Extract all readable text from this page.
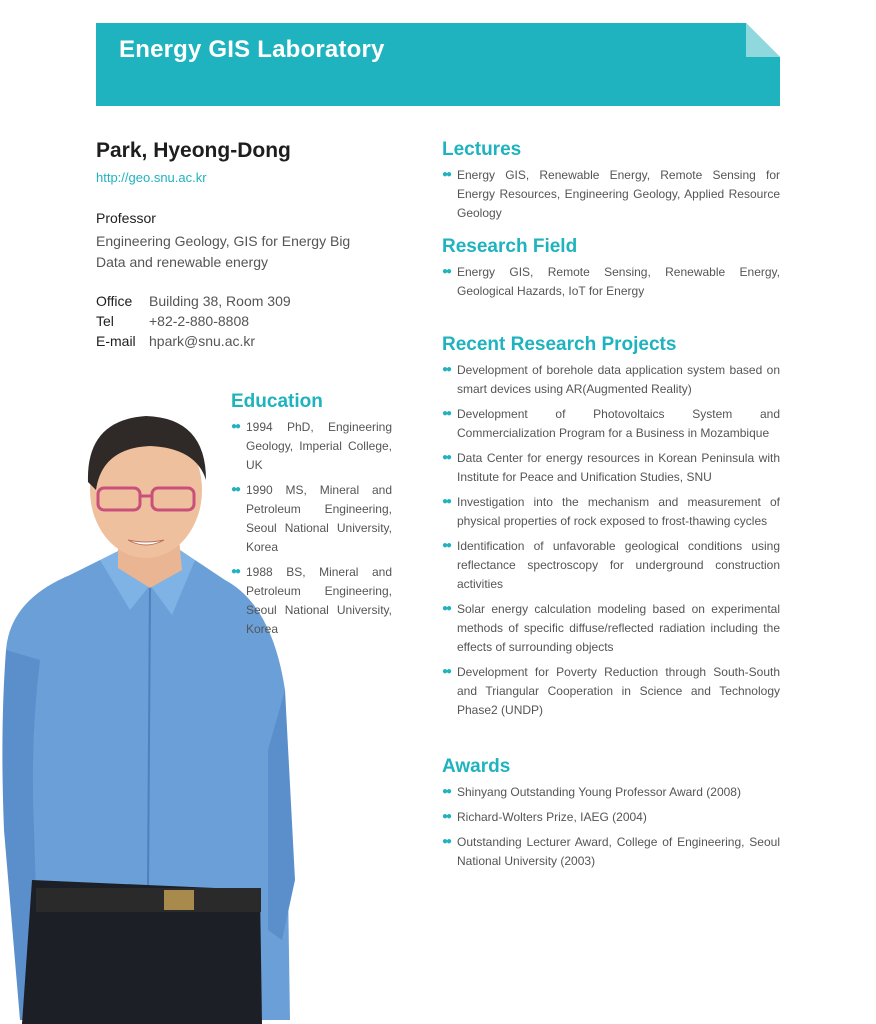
Energy GIS Laboratory
Park, Hyeong-Dong
http://geo.snu.ac.kr
Professor
Engineering Geology, GIS for Energy Big Data and renewable energy
Office	Building 38, Room 309
Tel	+82-2-880-8808
E-mail hpark@snu.ac.kr
Education
●● 1994 PhD, Engineering Geology, Imperial College, UK
●● 1990 MS, Mineral and Petroleum Engineering, Seoul National University, Korea
●● 1988 BS, Mineral and Petroleum Engineering, Seoul National University, Korea
Lectures
●● Energy GIS, Renewable Energy, Remote Sensing for Energy Resources, Engineering Geology, Applied Resource Geology
Research Field
●● Energy GIS, Remote Sensing, Renewable Energy, Geological Hazards, IoT for Energy
Recent Research Projects
●● Development of borehole data application system based on smart devices using AR(Augmented Reality)
●● Development of Photovoltaics System and Commercialization Program for a Business in Mozambique
●● Data Center for energy resources in Korean Peninsula with Institute for Peace and Unification Studies, SNU
●● Investigation into the mechanism and measurement of physical properties of rock exposed to frost-thawing cycles
●● Identification of unfavorable geological conditions using reflectance spectroscopy for underground construction activities
●● Solar energy calculation modeling based on experimental methods of specific diffuse/reflected radiation including the effects of surrounding objects
●● Development for Poverty Reduction through South-South and Triangular Cooperation in Science and Technology Phase2 (UNDP)
Awards
●● Shinyang Outstanding Young Professor Award (2008)
●● Richard-Wolters Prize, IAEG (2004)
●● Outstanding Lecturer Award, College of Engineering, Seoul National University (2003)
